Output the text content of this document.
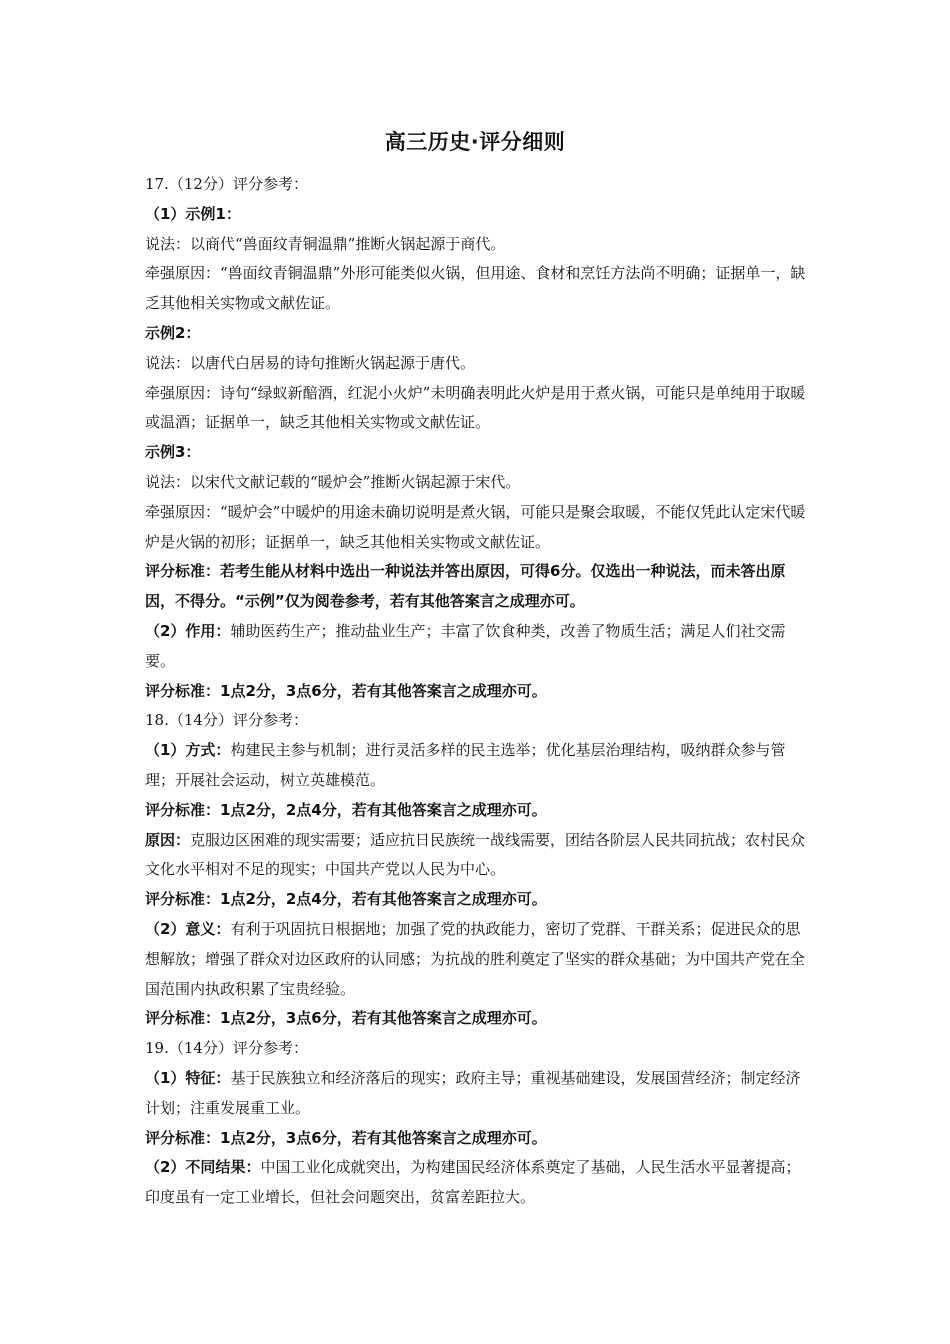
高三历史·评分细则

17.（12分）评分参考：

（1）示例1：

说法：以商代“兽面纹青铜温鼎”推断火锅起源于商代。

牵强原因：“兽面纹青铜温鼎”外形可能类似火锅，但用途、食材和烹饪方法尚不明确；证据单一，缺乏其他相关实物或文献佐证。

示例2：

说法：以唐代白居易的诗句推断火锅起源于唐代。

牵强原因：诗句“绿蚁新醅酒，红泥小火炉”未明确表明此火炉是用于煮火锅，可能只是单纯用于取暖或温酒；证据单一，缺乏其他相关实物或文献佐证。

示例3：

说法：以宋代文献记载的“暖炉会”推断火锅起源于宋代。

牵强原因：“暖炉会”中暖炉的用途未确切说明是煮火锅，可能只是聚会取暖，不能仅凭此认定宋代暖炉是火锅的初形；证据单一，缺乏其他相关实物或文献佐证。

评分标准：若考生能从材料中选出一种说法并答出原因，可得6分。仅选出一种说法，而未答出原因，不得分。“示例”仅为阅卷参考，若有其他答案言之成理亦可。

（2）作用：辅助医药生产；推动盐业生产；丰富了饮食种类，改善了物质生活；满足人们社交需要。

评分标准：1点2分，3点6分，若有其他答案言之成理亦可。

18.（14分）评分参考：

（1）方式：构建民主参与机制；进行灵活多样的民主选举；优化基层治理结构，吸纳群众参与管理；开展社会运动，树立英雄模范。

评分标准：1点2分，2点4分，若有其他答案言之成理亦可。

原因：克服边区困难的现实需要；适应抗日民族统一战线需要，团结各阶层人民共同抗战；农村民众文化水平相对不足的现实；中国共产党以人民为中心。

评分标准：1点2分，2点4分，若有其他答案言之成理亦可。

（2）意义：有利于巩固抗日根据地；加强了党的执政能力，密切了党群、干群关系；促进民众的思想解放；增强了群众对边区政府的认同感；为抗战的胜利奠定了坚实的群众基础；为中国共产党在全国范围内执政积累了宝贵经验。

评分标准：1点2分，3点6分，若有其他答案言之成理亦可。

19.（14分）评分参考：

（1）特征：基于民族独立和经济落后的现实；政府主导；重视基础建设，发展国营经济；制定经济计划；注重发展重工业。

评分标准：1点2分，3点6分，若有其他答案言之成理亦可。

（2）不同结果：中国工业化成就突出，为构建国民经济体系奠定了基础，人民生活水平显著提高；印度虽有一定工业增长，但社会问题突出，贫富差距拉大。
